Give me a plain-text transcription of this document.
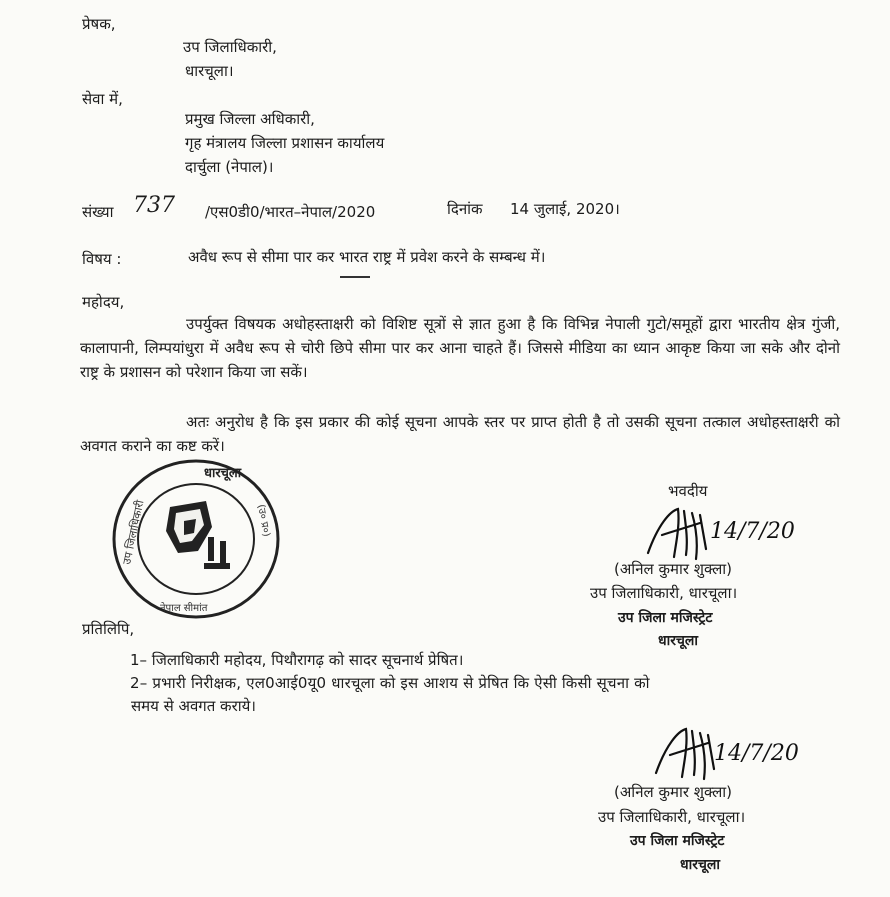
प्रेषक,
उप जिलाधिकारी,
धारचूला।
सेवा में,
प्रमुख जिल्ला अधिकारी,
गृह मंत्रालय जिल्ला प्रशासन कार्यालय
दार्चुला (नेपाल)।
संख्या 737 /एस0डी0/भारत–नेपाल/2020	दिनांक 14 जुलाई, 2020।
विषय :	अवैध रूप से सीमा पार कर भारत राष्ट्र में प्रवेश करने के सम्बन्ध में।
महोदय,
उपर्युक्त विषयक अधोहस्ताक्षरी को विशिष्ट सूत्रों से ज्ञात हुआ है कि विभिन्न नेपाली गुटो/समूहों द्वारा भारतीय क्षेत्र गुंजी, कालापानी, लिम्पयांधुरा में अवैध रूप से चोरी छिपे सीमा पार कर आना चाहते हैं। जिससे मीडिया का ध्यान आकृष्ट किया जा सके और दोनो राष्ट्र के प्रशासन को परेशान किया जा सकें।
अतः अनुरोध है कि इस प्रकार की कोई सूचना आपके स्तर पर प्राप्त होती है तो उसकी सूचना तत्काल अधोहस्ताक्षरी को अवगत कराने का कष्ट करें।
धारचूला
उप जिलाधिकारी
नेपाल सीमांत
(उ० प्र०)
भवदीय
14/7/20
(अनिल कुमार शुक्ला)
उप जिलाधिकारी, धारचूला।
उप जिला मजिस्ट्रेट
धारचूला
प्रतिलिपि,
1– जिलाधिकारी महोदय, पिथौरागढ़ को सादर सूचनार्थ प्रेषित।
2– प्रभारी निरीक्षक, एल0आई0यू0 धारचूला को इस आशय से प्रेषित कि ऐसी किसी सूचना को
समय से अवगत कराये।
14/7/20
(अनिल कुमार शुक्ला)
उप जिलाधिकारी, धारचूला।
उप जिला मजिस्ट्रेट
धारचूला
